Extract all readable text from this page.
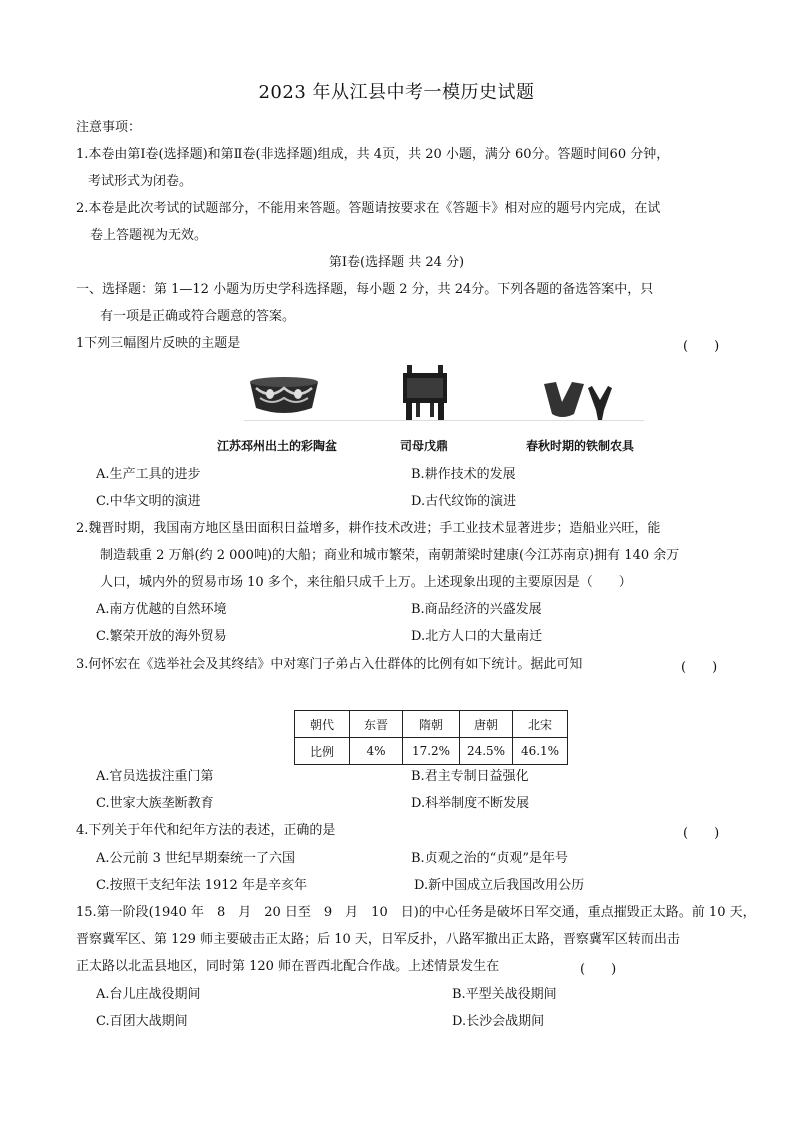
2023 年从江县中考一模历史试题
注意事项：
1.本卷由第Ⅰ卷(选择题)和第Ⅱ卷(非选择题)组成，共 4页，共 20 小题，满分 60分。答题时间60 分钟，
考试形式为闭卷。
2.本卷是此次考试的试题部分，不能用来答题。答题请按要求在《答题卡》相对应的题号内完成，在试
卷上答题视为无效。
第Ⅰ卷(选择题 共 24 分)
一、选择题：第 1—12 小题为历史学科选择题，每小题 2 分，共 24分。下列各题的备选答案中，只
有一项是正确或符合题意的答案。
1下列三幅图片反映的主题是	(　　)
江苏邳州出土的彩陶盆	司母戊鼎	春秋时期的铁制农具
A.生产工具的进步	B.耕作技术的发展
C.中华文明的演进	D.古代纹饰的演进
2.魏晋时期，我国南方地区垦田面积日益增多，耕作技术改进；手工业技术显著进步；造船业兴旺，能
制造载重 2 万斛(约 2 000吨)的大船；商业和城市繁荣，南朝萧梁时建康(今江苏南京)拥有 140 余万
人口，城内外的贸易市场 10 多个，来往船只成千上万。上述现象出现的主要原因是（　　）
A.南方优越的自然环境	B.商品经济的兴盛发展
C.繁荣开放的海外贸易	D.北方人口的大量南迁
3.何怀宏在《选举社会及其终结》中对寒门子弟占入仕群体的比例有如下统计。据此可知	(　　)
朝代	东晋	隋朝	唐朝	北宋
比例	4%	17.2%	24.5%	46.1%
A.官员选拔注重门第	B.君主专制日益强化
C.世家大族垄断教育	D.科举制度不断发展
4.下列关于年代和纪年方法的表述，正确的是	(　　)
A.公元前 3 世纪早期秦统一了六国	B.贞观之治的“贞观”是年号
C.按照干支纪年法 1912 年是辛亥年	D.新中国成立后我国改用公历
15.第一阶段(1940 年　8　月　20 日至　9　月　10　日)的中心任务是破坏日军交通，重点摧毁正太路。前 10 天，
晋察冀军区、第 129 师主要破击正太路；后 10 天，日军反扑，八路军撤出正太路，晋察冀军区转而出击
正太路以北盂县地区，同时第 120 师在晋西北配合作战。上述情景发生在	(　　)
A.台儿庄战役期间	B.平型关战役期间
C.百团大战期间	D.长沙会战期间
